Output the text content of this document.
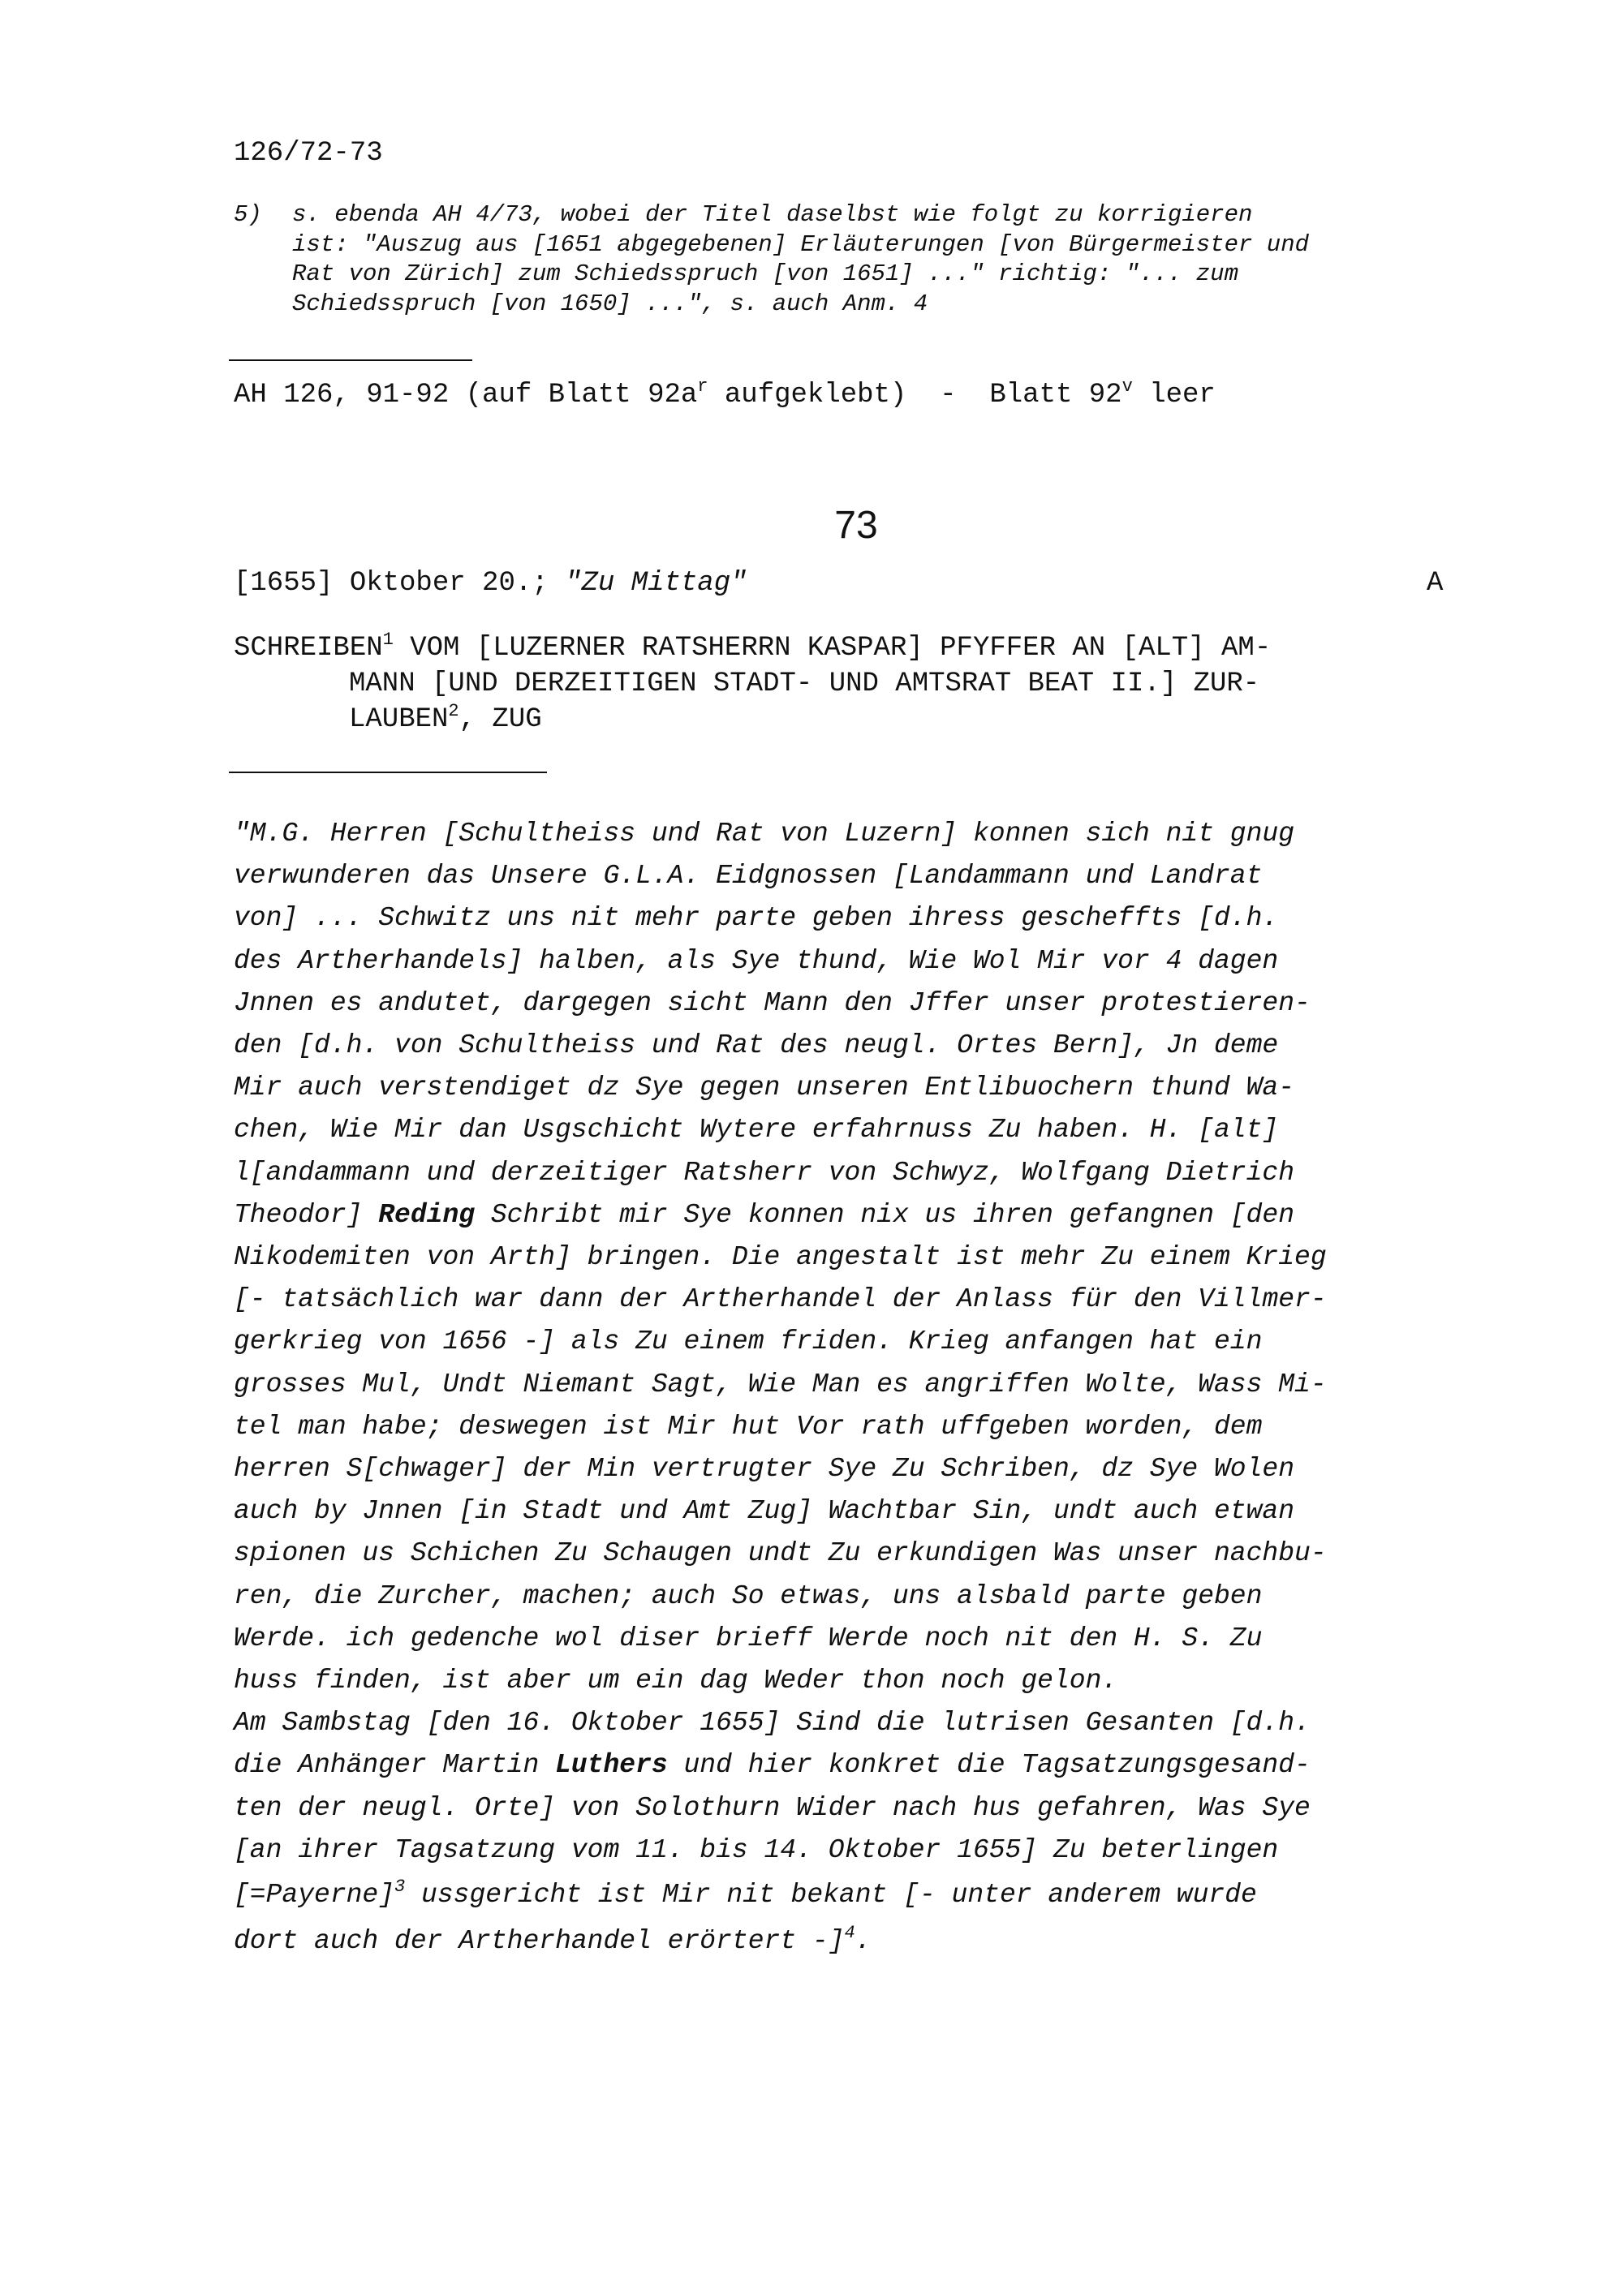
126/72-73
5) s. ebenda AH 4/73, wobei der Titel daselbst wie folgt zu korrigieren
ist: "Auszug aus [1651 abgegebenen] Erläuterungen [von Bürgermeister und
Rat von Zürich] zum Schiedsspruch [von 1651] ..." richtig: "... zum
Schiedsspruch [von 1650] ...", s. auch Anm. 4
AH 126, 91-92 (auf Blatt $92a^r$ aufgeklebt)  -  Blatt 92$^v$ leer
73
[1655] Oktober 20.; "Zu Mittag"	A
SCHREIBEN$^1$ VOM [LUZERNER RATSHERRN KASPAR] PFYFFER AN [ALT] AM-
MANN [UND DERZEITIGEN STADT- UND AMTSRAT BEAT II.] ZUR-
LAUBEN$^2$, ZUG
"M.G. Herren [Schultheiss und Rat von Luzern] konnen sich nit gnug
verwunderen das Unsere G.L.A. Eidgnossen [Landammann und Landrat
von] ... Schwitz uns nit mehr parte geben ihress gescheffts [d.h.
des Artherhandels] halben, als Sye thund, Wie Wol Mir vor 4 dagen
Jnnen es andutet, dargegen sicht Mann den Jffer unser protestieren-
den [d.h. von Schultheiss und Rat des neugl. Ortes Bern], Jn deme
Mir auch verstendiget dz Sye gegen unseren Entlibuochern thund Wa-
chen, Wie Mir dan Usgschicht Wytere erfahrnuss Zu haben. H. [alt]
l[andammann und derzeitiger Ratsherr von Schwyz, Wolfgang Dietrich
Theodor] Reding Schribt mir Sye konnen nix us ihren gefangnen [den
Nikodemiten von Arth] bringen. Die angestalt ist mehr Zu einem Krieg
[- tatsächlich war dann der Artherhandel der Anlass für den Villmer-
gerkrieg von 1656 -] als Zu einem friden. Krieg anfangen hat ein
grosses Mul, Undt Niemant Sagt, Wie Man es angriffen Wolte, Wass Mi-
tel man habe; deswegen ist Mir hut Vor rath uffgeben worden, dem
herren S[chwager] der Min vertrugter Sye Zu Schriben, dz Sye Wolen
auch by Jnnen [in Stadt und Amt Zug] Wachtbar Sin, undt auch etwan
spionen us Schichen Zu Schaugen undt Zu erkundigen Was unser nachbu-
ren, die Zurcher, machen; auch So etwas, uns alsbald parte geben
Werde. ich gedenche wol diser brieff Werde noch nit den H. S. Zu
huss finden, ist aber um ein dag Weder thon noch gelon.
Am Sambstag [den 16. Oktober 1655] Sind die lutrisen Gesanten [d.h.
die Anhänger Martin Luthers und hier konkret die Tagsatzungsgesand-
ten der neugl. Orte] von Solothurn Wider nach hus gefahren, Was Sye
[an ihrer Tagsatzung vom 11. bis 14. Oktober 1655] Zu beterlingen
[=Payerne]$^3$ ussgericht ist Mir nit bekant [- unter anderem wurde
dort auch der Artherhandel erörtert -]$^4$.
